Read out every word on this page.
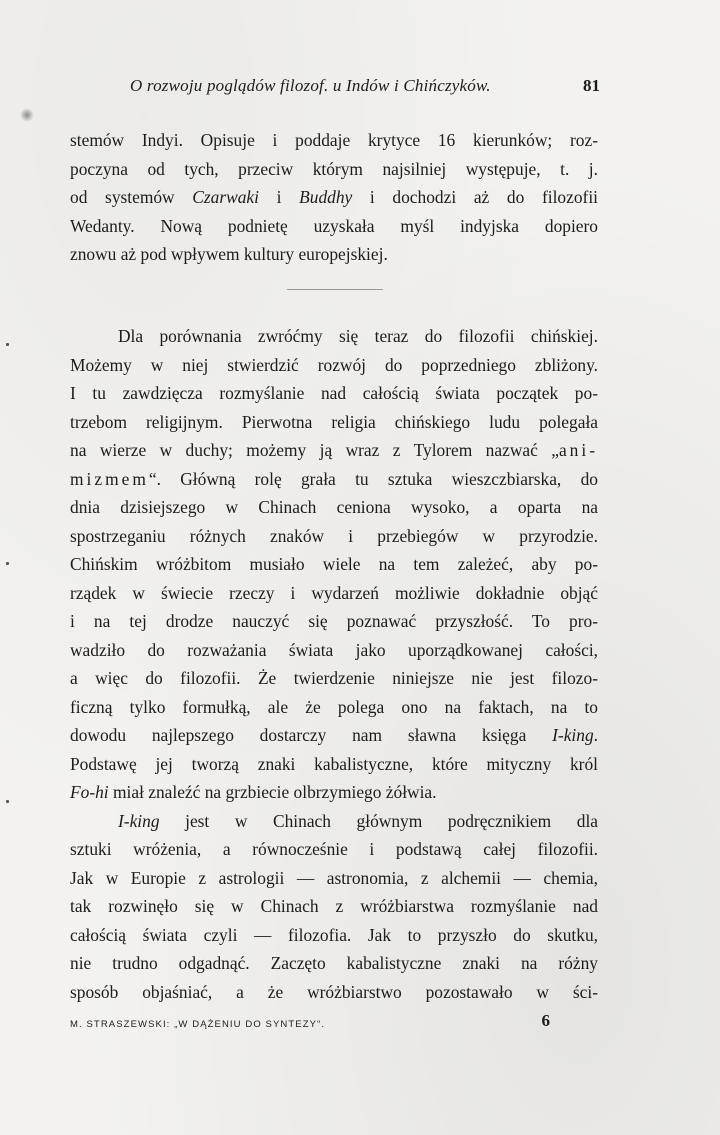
O rozwoju poglądów filozof. u Indów i Chińczyków.	81
stemów Indyi. Opisuje i poddaje krytyce 16 kierunków; roz-
poczyna od tych, przeciw którym najsilniej występuje, t. j.
od systemów Czarwaki i Buddhy i dochodzi aż do filozofii
Wedanty. Nową podnietę uzyskała myśl indyjska dopiero
znowu aż pod wpływem kultury europejskiej.
Dla porównania zwróćmy się teraz do filozofii chińskiej.
Możemy w niej stwierdzić rozwój do poprzedniego zbliżony.
I tu zawdzięcza rozmyślanie nad całością świata początek po-
trzebom religijnym. Pierwotna religia chińskiego ludu polegała
na wierze w duchy; możemy ją wraz z Tylorem nazwać „ani-
mizmem“. Główną rolę grała tu sztuka wieszczbiarska, do
dnia dzisiejszego w Chinach ceniona wysoko, a oparta na
spostrzeganiu różnych znaków i przebiegów w przyrodzie.
Chińskim wróżbitom musiało wiele na tem zależeć, aby po-
rządek w świecie rzeczy i wydarzeń możliwie dokładnie objąć
i na tej drodze nauczyć się poznawać przyszłość. To pro-
wadziło do rozważania świata jako uporządkowanej całości,
a więc do filozofii. Że twierdzenie niniejsze nie jest filozo-
ficzną tylko formułką, ale że polega ono na faktach, na to
dowodu najlepszego dostarczy nam sławna księga I-king.
Podstawę jej tworzą znaki kabalistyczne, które mityczny król
Fo-hi miał znaleźć na grzbiecie olbrzymiego żółwia.
I-king jest w Chinach głównym podręcznikiem dla
sztuki wróżenia, a równocześnie i podstawą całej filozofii.
Jak w Europie z astrologii — astronomia, z alchemii — chemia,
tak rozwinęło się w Chinach z wróżbiarstwa rozmyślanie nad
całością świata czyli — filozofia. Jak to przyszło do skutku,
nie trudno odgadnąć. Zaczęto kabalistyczne znaki na różny
sposób objaśniać, a że wróżbiarstwo pozostawało w ści-
M. STRASZEWSKI: „W DĄŻENIU DO SYNTEZY“.	6
